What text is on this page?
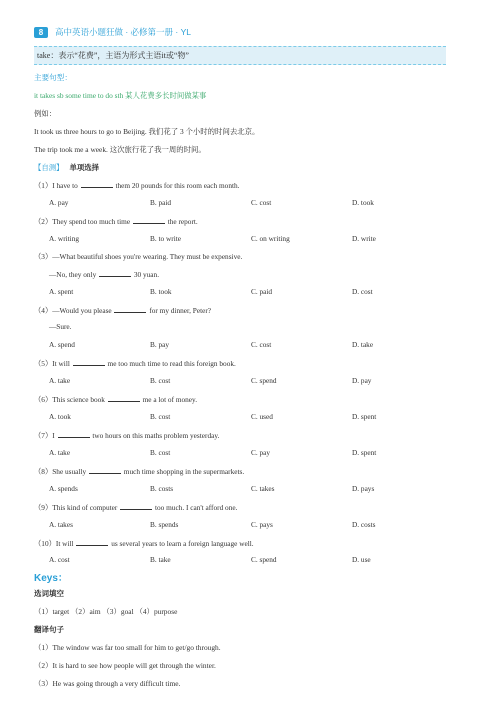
8	高中英语小题狂做 · 必修第一册 · YL
take：表示“花费”，主语为形式主语it或“物”
主要句型：
it takes sb some time to do sth 某人花费多长时间做某事
例如：
It took us three hours to go to Beijing. 我们花了 3 个小时的时间去北京。
The trip took me a week. 这次旅行花了我一周的时间。
【自测】 单项选择
（1）I have to	them 20 pounds for this room each month.
A. pay	B. paid	C. cost	D. took
（2）They spend too much time	the report.
A. writing	B. to write	C. on writing	D. write
（3）—What beautiful shoes you're wearing. They must be expensive.
—No, they only	30 yuan.
A. spent	B. took	C. paid	D. cost
（4）—Would you please	for my dinner, Peter?
—Sure.
A. spend	B. pay	C. cost	D. take
（5）It will	me too much time to read this foreign book.
A. take	B. cost	C. spend	D. pay
（6）This science book	me a lot of money.
A. took	B. cost	C. used	D. spent
（7）I	two hours on this maths problem yesterday.
A. take	B. cost	C. pay	D. spent
（8）She usually	much time shopping in the supermarkets.
A. spends	B. costs	C. takes	D. pays
（9）This kind of computer	too much. I can't afford one.
A. takes	B. spends	C. pays	D. costs
（10）It will	us several years to learn a foreign language well.
A. cost	B. take	C. spend	D. use
Keys：
选词填空
（1）target （2）aim （3）goal （4）purpose
翻译句子
（1）The window was far too small for him to get/go through.
（2）It is hard to see how people will get through the winter.
（3）He was going through a very difficult time.
